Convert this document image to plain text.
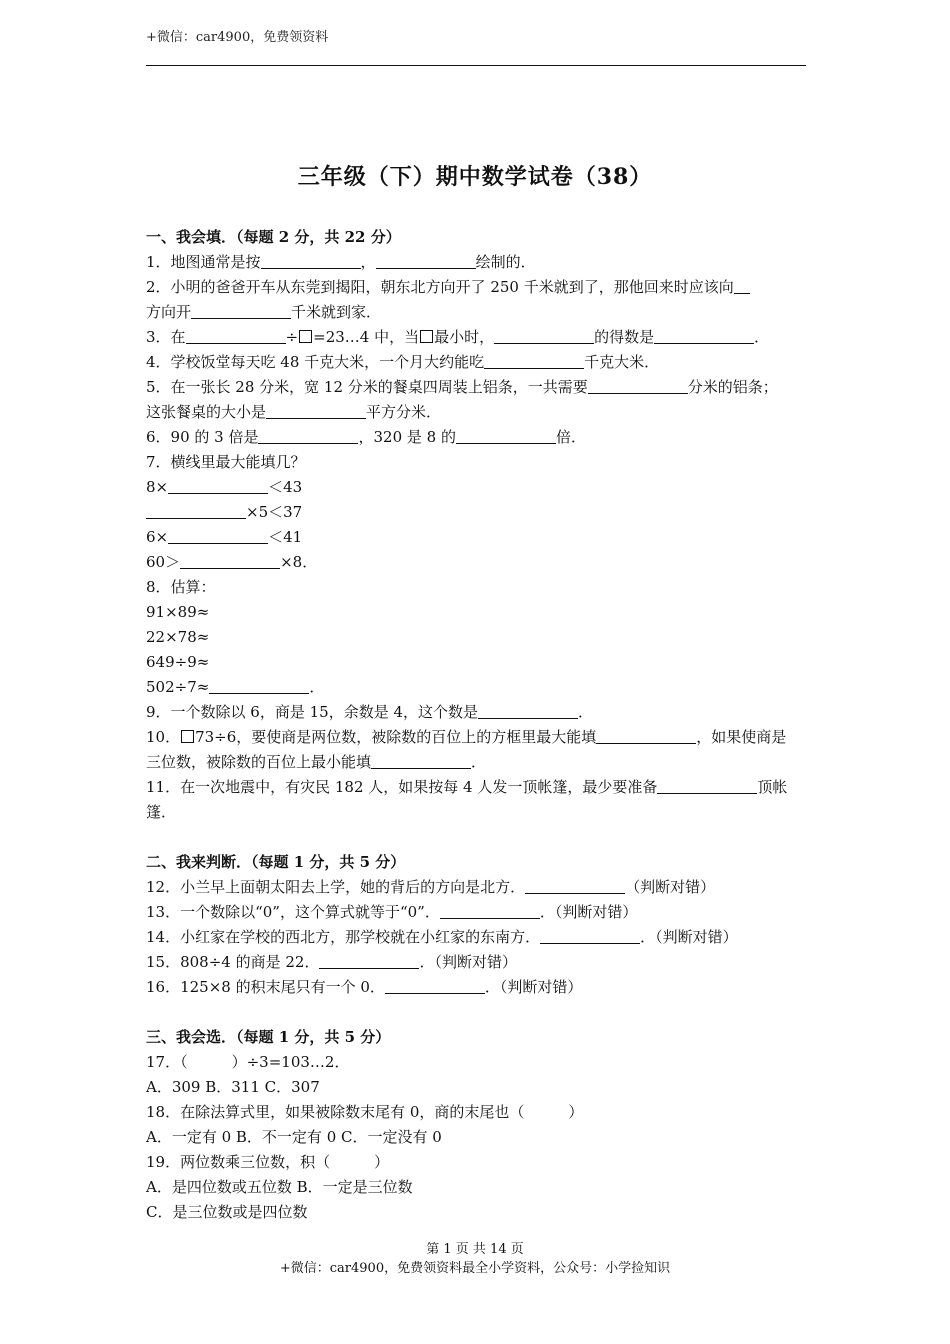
+微信：car4900，免费领资料
三年级（下）期中数学试卷（38）
一、我会填．（每题 2 分，共 22 分）
1．地图通常是按	，	绘制的．
2．小明的爸爸开车从东莞到揭阳，朝东北方向开了 250 千米就到了，那他回来时应该向
方向开	千米就到家．
3．在	÷ =23…4 中，当 最小时，	的得数是	．
4．学校饭堂每天吃 48 千克大米，一个月大约能吃	千克大米．
5．在一张长 28 分米，宽 12 分米的餐桌四周装上铝条，一共需要	分米的铝条；
这张餐桌的大小是	平方分米．
6．90 的 3 倍是	，320 是 8 的	倍．
7．横线里最大能填几？
8×	＜43
×5＜37
6×	＜41
60＞	×8．
8．估算：
91×89≈
22×78≈
649÷9≈
502÷7≈	．
9．一个数除以 6，商是 15，余数是 4，这个数是	．
10． 73÷6，要使商是两位数，被除数的百位上的方框里最大能填	，如果使商是
三位数，被除数的百位上最小能填	．
11．在一次地震中，有灾民 182 人，如果按每 4 人发一顶帐篷，最少要准备	顶帐
篷．
二、我来判断．（每题 1 分，共 5 分）
12．小兰早上面朝太阳去上学，她的背后的方向是北方．	（判断对错）
13．一个数除以“0”，这个算式就等于“0”．	．（判断对错）
14．小红家在学校的西北方，那学校就在小红家的东南方．	．（判断对错）
15．808÷4 的商是 22．	．（判断对错）
16．125×8 的积末尾只有一个 0．	．（判断对错）
三、我会选．（每题 1 分，共 5 分）
17．（	）÷3=103…2．
A．309 B．311 C．307
18．在除法算式里，如果被除数末尾有 0，商的末尾也（	）
A．一定有 0 B．不一定有 0 C．一定没有 0
19．两位数乘三位数，积（	）
A．是四位数或五位数 B．一定是三位数
C．是三位数或是四位数
第 1 页 共 14 页
+微信：car4900，免费领资料最全小学资料，公众号：小学捡知识
